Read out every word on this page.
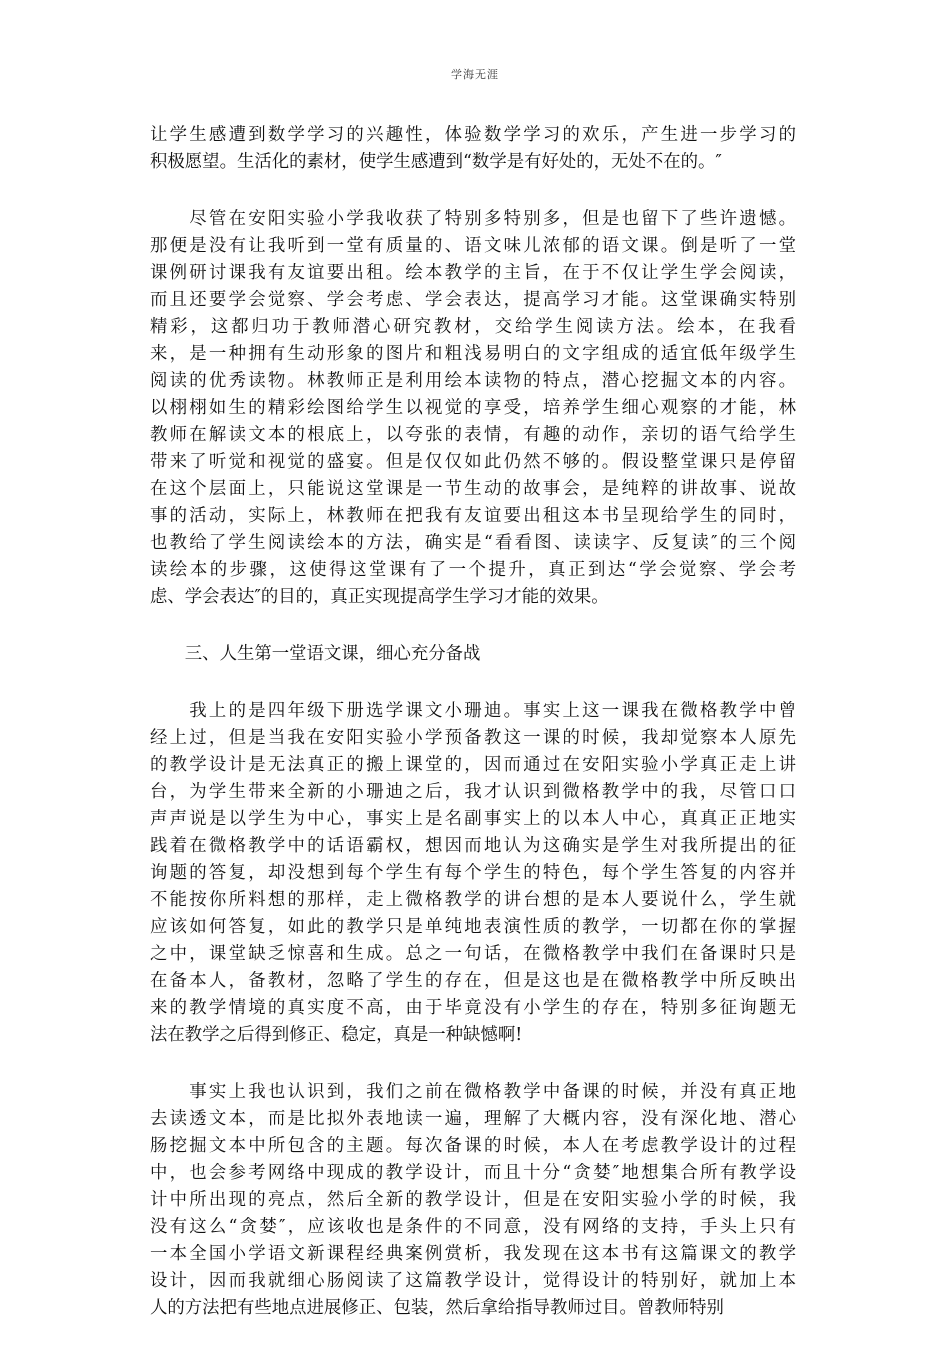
学海无涯

让学生感遭到数学学习的兴趣性，体验数学学习的欢乐，产生进一步学习的
积极愿望。生活化的素材，使学生感遭到“数学是有好处的，无处不在的。″

　　尽管在安阳实验小学我收获了特别多特别多，但是也留下了些许遗憾。
那便是没有让我听到一堂有质量的、语文味儿浓郁的语文课。倒是听了一堂
课例研讨课我有友谊要出租。绘本教学的主旨，在于不仅让学生学会阅读，
而且还要学会觉察、学会考虑、学会表达，提高学习才能。这堂课确实特别
精彩，这都归功于教师潜心研究教材，交给学生阅读方法。绘本，在我看
来，是一种拥有生动形象的图片和粗浅易明白的文字组成的适宜低年级学生
阅读的优秀读物。林教师正是利用绘本读物的特点，潜心挖掘文本的内容。
以栩栩如生的精彩绘图给学生以视觉的享受，培养学生细心观察的才能，林
教师在解读文本的根底上，以夸张的表情，有趣的动作，亲切的语气给学生
带来了听觉和视觉的盛宴。但是仅仅如此仍然不够的。假设整堂课只是停留
在这个层面上，只能说这堂课是一节生动的故事会，是纯粹的讲故事、说故
事的活动，实际上，林教师在把我有友谊要出租这本书呈现给学生的同时，
也教给了学生阅读绘本的方法，确实是“看看图、读读字、反复读″的三个阅
读绘本的步骤，这使得这堂课有了一个提升，真正到达“学会觉察、学会考
虑、学会表达″的目的，真正实现提高学生学习才能的效果。

　　三、人生第一堂语文课，细心充分备战

　　我上的是四年级下册选学课文小珊迪。事实上这一课我在微格教学中曾
经上过，但是当我在安阳实验小学预备教这一课的时候，我却觉察本人原先
的教学设计是无法真正的搬上课堂的，因而通过在安阳实验小学真正走上讲
台，为学生带来全新的小珊迪之后，我才认识到微格教学中的我，尽管口口
声声说是以学生为中心，事实上是名副事实上的以本人中心，真真正正地实
践着在微格教学中的话语霸权，想因而地认为这确实是学生对我所提出的征
询题的答复，却没想到每个学生有每个学生的特色，每个学生答复的内容并
不能按你所料想的那样，走上微格教学的讲台想的是本人要说什么，学生就
应该如何答复，如此的教学只是单纯地表演性质的教学，一切都在你的掌握
之中，课堂缺乏惊喜和生成。总之一句话，在微格教学中我们在备课时只是
在备本人，备教材，忽略了学生的存在，但是这也是在微格教学中所反映出
来的教学情境的真实度不高，由于毕竟没有小学生的存在，特别多征询题无
法在教学之后得到修正、稳定，真是一种缺憾啊!

　　事实上我也认识到，我们之前在微格教学中备课的时候，并没有真正地
去读透文本，而是比拟外表地读一遍，理解了大概内容，没有深化地、潜心
肠挖掘文本中所包含的主题。每次备课的时候，本人在考虑教学设计的过程
中，也会参考网络中现成的教学设计，而且十分“贪婪″地想集合所有教学设
计中所出现的亮点，然后全新的教学设计，但是在安阳实验小学的时候，我
没有这么“贪婪″，应该收也是条件的不同意，没有网络的支持，手头上只有
一本全国小学语文新课程经典案例赏析，我发现在这本书有这篇课文的教学
设计，因而我就细心肠阅读了这篇教学设计，觉得设计的特别好，就加上本
人的方法把有些地点进展修正、包装，然后拿给指导教师过目。曾教师特别
